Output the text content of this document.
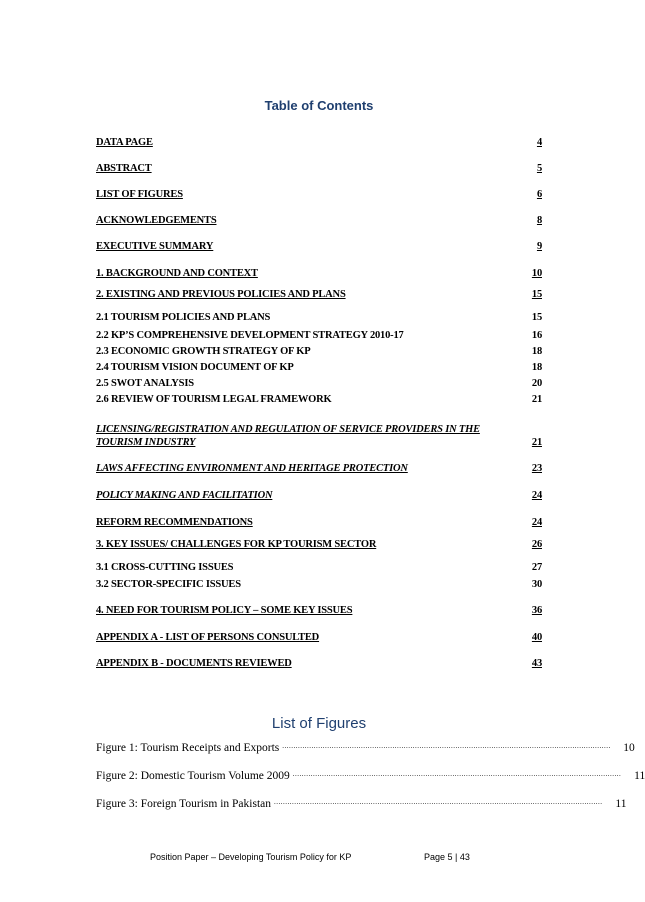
Table of Contents
DATA PAGE	4
ABSTRACT	5
LIST OF FIGURES	6
ACKNOWLEDGEMENTS	8
EXECUTIVE SUMMARY	9
1. BACKGROUND AND CONTEXT	10
2. EXISTING AND PREVIOUS POLICIES AND PLANS	15
2.1 TOURISM POLICIES AND PLANS	15
2.2 KP’S COMPREHENSIVE DEVELOPMENT STRATEGY 2010-17	16
2.3 ECONOMIC GROWTH STRATEGY OF KP	18
2.4 TOURISM VISION DOCUMENT OF KP	18
2.5 SWOT ANALYSIS	20
2.6 REVIEW OF TOURISM LEGAL FRAMEWORK	21
LICENSING/REGISTRATION AND REGULATION OF SERVICE PROVIDERS IN THE TOURISM INDUSTRY	21
LAWS AFFECTING ENVIRONMENT AND HERITAGE PROTECTION	23
POLICY MAKING AND FACILITATION	24
REFORM RECOMMENDATIONS	24
3. KEY ISSUES/ CHALLENGES FOR KP TOURISM SECTOR	26
3.1 CROSS-CUTTING ISSUES	27
3.2 SECTOR-SPECIFIC ISSUES	30
4. NEED FOR TOURISM POLICY – SOME KEY ISSUES	36
APPENDIX A - LIST OF PERSONS CONSULTED	40
APPENDIX B - DOCUMENTS REVIEWED	43
List of Figures
Figure 1: Tourism Receipts and Exports ..................................................................................................................................................	10
Figure 2: Domestic Tourism Volume 2009 ..................................................................................................................................................	11
Figure 3: Foreign Tourism in Pakistan ..................................................................................................................................................	11
Position Paper – Developing Tourism Policy for KP	Page 5 | 43
